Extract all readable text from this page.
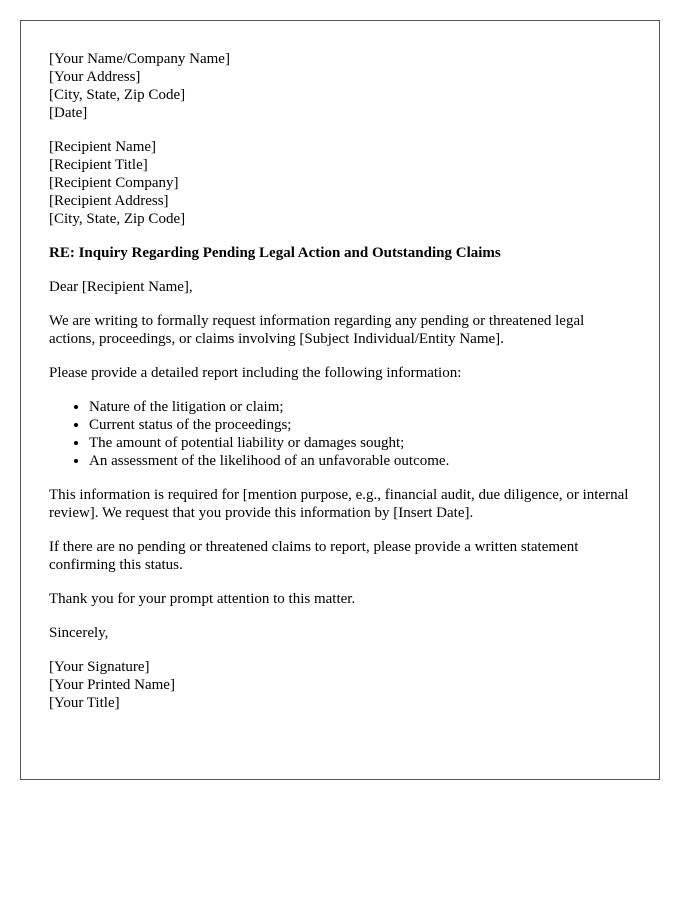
[Your Name/Company Name]
[Your Address]
[City, State, Zip Code]
[Date]

[Recipient Name]
[Recipient Title]
[Recipient Company]
[Recipient Address]
[City, State, Zip Code]

RE: Inquiry Regarding Pending Legal Action and Outstanding Claims

Dear [Recipient Name],

We are writing to formally request information regarding any pending or threatened legal actions, proceedings, or claims involving [Subject Individual/Entity Name].

Please provide a detailed report including the following information:

• Nature of the litigation or claim;
• Current status of the proceedings;
• The amount of potential liability or damages sought;
• An assessment of the likelihood of an unfavorable outcome.

This information is required for [mention purpose, e.g., financial audit, due diligence, or internal review]. We request that you provide this information by [Insert Date].

If there are no pending or threatened claims to report, please provide a written statement confirming this status.

Thank you for your prompt attention to this matter.

Sincerely,

[Your Signature]
[Your Printed Name]
[Your Title]
